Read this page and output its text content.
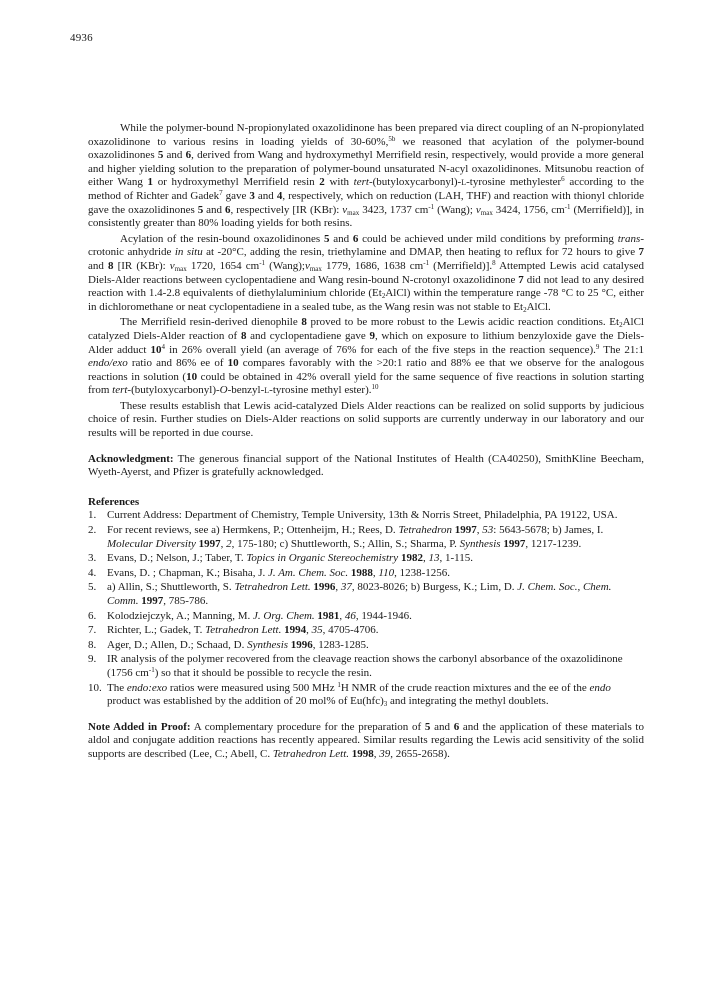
4936

While the polymer-bound N-propionylated oxazolidinone has been prepared via direct coupling of an N-propionylated oxazolidinone to various resins in loading yields of 30-60%,$^{5b}$ we reasoned that acylation of the polymer-bound oxazolidinones 5 and 6, derived from Wang and hydroxymethyl Merrifield resin, respectively, would provide a more general and higher yielding solution to the preparation of polymer-bound unsaturated N-acyl oxazolidinones. Mitsunobu reaction of either Wang 1 or hydroxymethyl Merrifield resin 2 with tert-(butyloxycarbonyl)-l-tyrosine methylester$^6$ according to the method of Richter and Gadek$^7$ gave 3 and 4, respectively, which on reduction (LAH, THF) and reaction with thionyl chloride gave the oxazolidinones 5 and 6, respectively [IR (KBr): $v_{max}$ 3423, 1737 $cm^{-1}$ (Wang); $v_{max}$ 3424, 1756, $cm^{-1}$ (Merrifield)], in consistently greater than 80% loading yields for both resins.

Acylation of the resin-bound oxazolidinones 5 and 6 could be achieved under mild conditions by preforming trans-crotonic anhydride in situ at -20°C, adding the resin, triethylamine and DMAP, then heating to reflux for 72 hours to give 7 and 8 [IR (KBr): $v_{max}$ 1720, 1654 $cm^{-1}$ $(Wang);v_{max}$ 1779, 1686, 1638 $cm^{-1}$ (Merrifield)].$^8$ Attempted Lewis acid catalysed Diels-Alder reactions between cyclopentadiene and Wang resin-bound N-crotonyl oxazolidinone 7 did not lead to any desired reaction with 1.4-2.8 equivalents of diethylaluminium chloride $(Et_2AlCl)$ within the temperature range -78 °C to 25 °C, either in dichloromethane or neat cyclopentadiene in a sealed tube, as the Wang resin was not stable to $Et_2AlCl$.

The Merrifield resin-derived dienophile 8 proved to be more robust to the Lewis acidic reaction conditions. $Et_2AlCl$ catalyzed Diels-Alder reaction of 8 and cyclopentadiene gave 9, which on exposure to lithium benzyloxide gave the Diels-Alder adduct $10^4$ in 26% overall yield (an average of 76% for each of the five steps in the reaction sequence).$^9$ The 21:1 endo/exo ratio and 86% ee of 10 compares favorably with the >20:1 ratio and 88% ee that we observe for the analogous reactions in solution (10 could be obtained in 42% overall yield for the same sequence of five reactions in solution starting from tert-(butyloxycarbonyl)-O-benzyl-l-tyrosine methyl ester).$^{10}$

These results establish that Lewis acid-catalyzed Diels Alder reactions can be realized on solid supports by judicious choice of resin. Further studies on Diels-Alder reactions on solid supports are currently underway in our laboratory and our results will be reported in due course.

Acknowledgment: The generous financial support of the National Institutes of Health (CA40250), SmithKline Beecham, Wyeth-Ayerst, and Pfizer is gratefully acknowledged.

References

1. Current Address: Department of Chemistry, Temple University, 13th & Norris Street, Philadelphia, PA 19122, USA.
2. For recent reviews, see a) Hermkens, P.; Ottenheijm, H.; Rees, D. Tetrahedron 1997, 53: 5643-5678; b) James, I. Molecular Diversity 1997, 2, 175-180; c) Shuttleworth, S.; Allin, S.; Sharma, P. Synthesis 1997, 1217-1239.
3. Evans, D.; Nelson, J.; Taber, T. Topics in Organic Stereochemistry 1982, 13, 1-115.
4. Evans, D. ; Chapman, K.; Bisaha, J. J. Am. Chem. Soc. 1988, 110, 1238-1256.
5. a) Allin, S.; Shuttleworth, S. Tetrahedron Lett. 1996, 37, 8023-8026; b) Burgess, K.; Lim, D. J. Chem. Soc., Chem. Comm. 1997, 785-786.
6. Kolodziejczyk, A.; Manning, M. J. Org. Chem. 1981, 46, 1944-1946.
7. Richter, L.; Gadek, T. Tetrahedron Lett. 1994, 35, 4705-4706.
8. Ager, D.; Allen, D.; Schaad, D. Synthesis 1996, 1283-1285.
9. IR analysis of the polymer recovered from the cleavage reaction shows the carbonyl absorbance of the oxazolidinone (1756 $cm^{-1}$) so that it should be possible to recycle the resin.
10. The endo:exo ratios were measured using 500 MHz $^1$H NMR of the crude reaction mixtures and the ee of the endo product was established by the addition of 20 mol% of $Eu(hfc)_3$ and integrating the methyl doublets.

Note Added in Proof: A complementary procedure for the preparation of 5 and 6 and the application of these materials to aldol and conjugate addition reactions has recently appeared. Similar results regarding the Lewis acid sensitivity of the solid supports are described (Lee, C.; Abell, C. Tetrahedron Lett. 1998, 39, 2655-2658).
